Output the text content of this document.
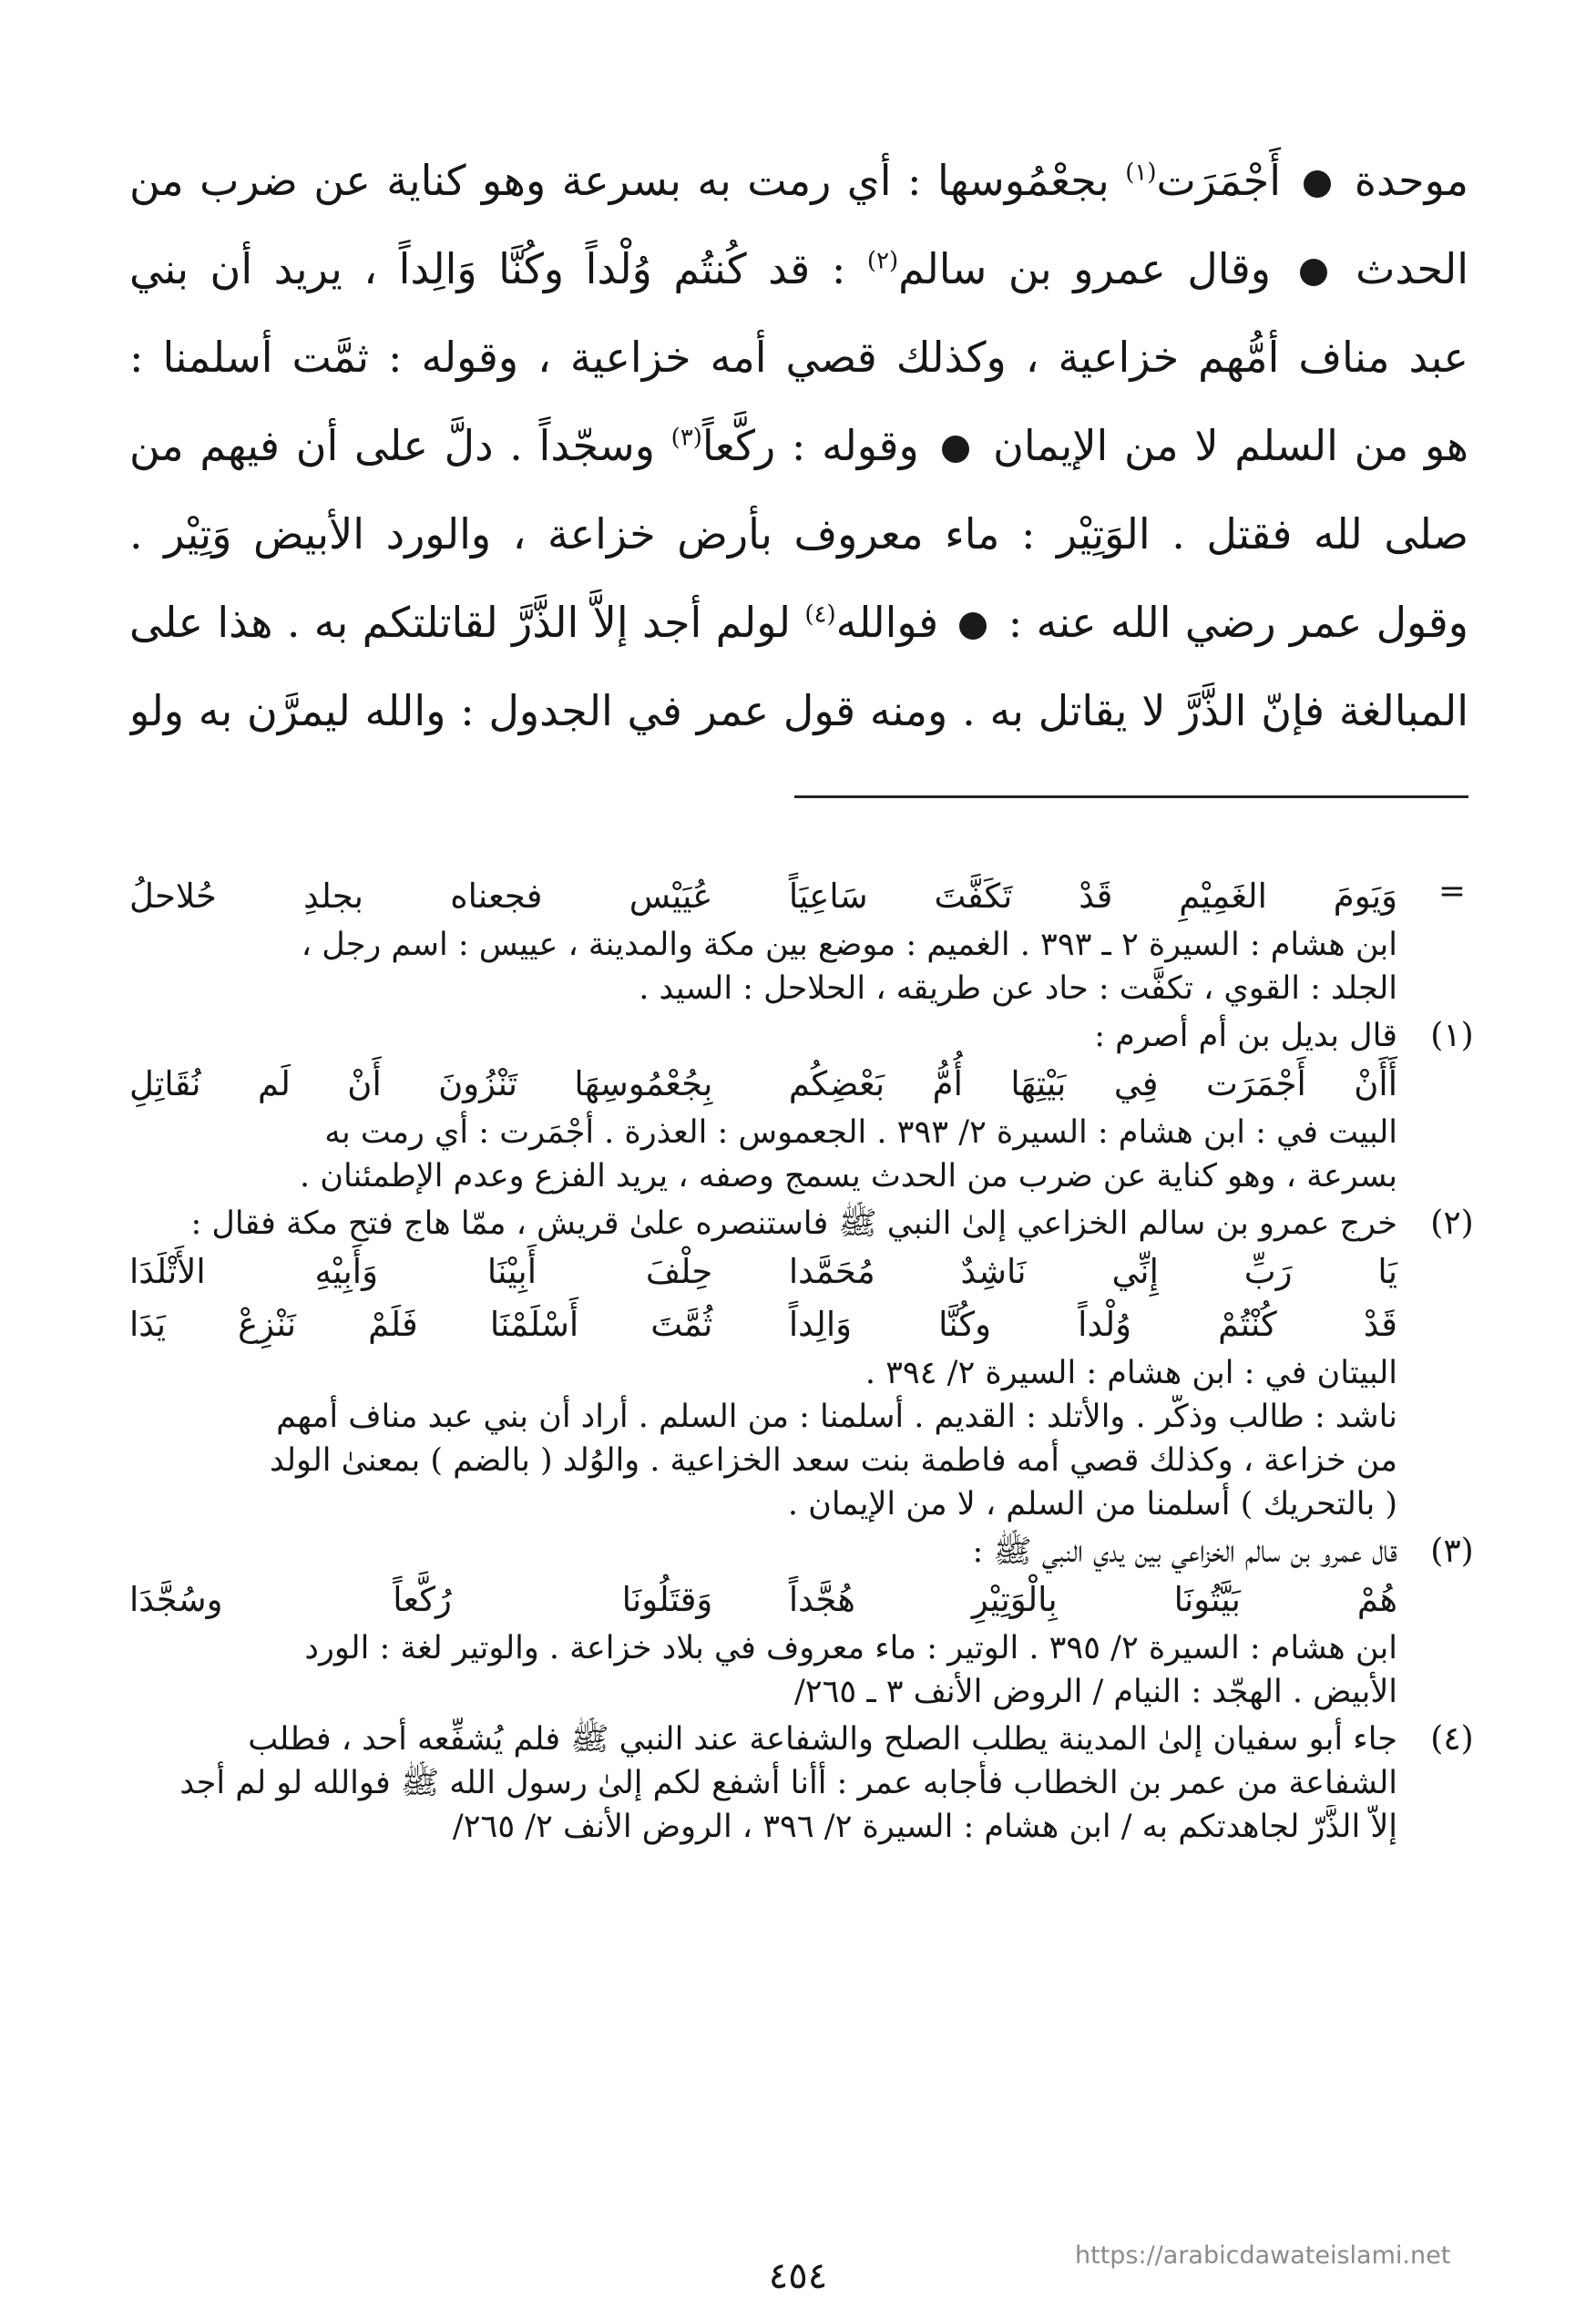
موحدة  أَجْمَرَت$^{(١)}$ بجعْمُوسها : أي رمت به بسرعة وهو كناية عن ضرب من
الحدث  وقال عمرو بن سالم$^{(٢)}$ : قد كُنتُم وُلْداً وكُنَّا وَالِداً ، يريد أن بني
عبد مناف أمُّهم خزاعية ، وكذلك قصي أمه خزاعية ، وقوله : ثمَّت أسلمنا :
هو من السلم لا من الإيمان  وقوله : ركَّعاً$^{(٣)}$ وسجّداً . دلَّ على أن فيهم من
صلى لله فقتل . الوَتِيْر : ماء معروف بأرض خزاعة ، والورد الأبيض وَتِيْر .
وقول عمر رضي الله عنه :  فوالله$^{(٤)}$ لولم أجد إلاَّ الذَّرَّ لقاتلتكم به . هذا على
المبالغة فإنّ الذَّرَّ لا يقاتل به . ومنه قول عمر في الجدول : والله ليمرَّن به ولو
=
وَيَومَ الغَمِيْمِ قَدْ تَكَفَّتَ سَاعِيَاً
عُيَيْس فجعناه بجلدِ حُلاحلُ
ابن هشام : السيرة ٢ ـ ٣٩٣ . الغميم : موضع بين مكة والمدينة ، عييس : اسم رجل ،
الجلد : القوي ، تكفَّت : حاد عن طريقه ، الحلاحل : السيد .
(١)
قال بديل بن أم أصرم :
أَأَنْ أَجْمَرَت فِي بَيْتِهَا أُمُّ بَعْضِكُم
بِجُعْمُوسِهَا تَنْزُونَ أَنْ لَم نُقَاتِلِ
البيت في : ابن هشام : السيرة ٢/ ٣٩٣ . الجعموس : العذرة . أَجْمَرت : أي رمت به
بسرعة ، وهو كناية عن ضرب من الحدث يسمج وصفه ، يريد الفزع وعدم الإطمئنان .
(٢)
خرج عمرو بن سالم الخزاعي إلىٰ النبي ﷺ فاستنصره علىٰ قريش ، ممّا هاج فتح مكة فقال :
يَا رَبِّ إِنِّي نَاشِدٌ مُحَمَّدا
حِلْفَ أَبِيْنَا وَأَبِيْهِ الأَتْلَدَا
قَدْ كُنْتُمْ وُلْداً وكُنَّا وَالِداً
ثُمَّتَ أَسْلَمْنَا فَلَمْ نَنْزِعْ يَدَا
البيتان في : ابن هشام : السيرة ٢/ ٣٩٤ .
ناشد : طالب وذكّر . والأتلد : القديم . أسلمنا : من السلم . أراد أن بني عبد مناف أمهم
من خزاعة ، وكذلك قصي أمه فاطمة بنت سعد الخزاعية . والوُلد ( بالضم ) بمعنىٰ الولد
( بالتحريك ) أسلمنا من السلم ، لا من الإيمان .
(٣)
قال عمرو بن سالم الخزاعي بين يدي النبي ﷺ :
هُمْ بَيَّتُونَا بِالْوَتِيْرِ هُجَّداً
وَقتَلُونَا رُكَّعاً وسُجَّدَا
ابن هشام : السيرة ٢/ ٣٩٥ . الوتير : ماء معروف في بلاد خزاعة . والوتير لغة : الورد
الأبيض . الهجّد : النيام / الروض الأنف ٣ ـ ٢٦٥/
(٤)
جاء أبو سفيان إلىٰ المدينة يطلب الصلح والشفاعة عند النبي ﷺ فلم يُشفِّعه أحد ، فطلب
الشفاعة من عمر بن الخطاب فأجابه عمر : أأنا أشفع لكم إلىٰ رسول الله ﷺ فوالله لو لم أجد
إلاّ الذَّرّ لجاهدتكم به / ابن هشام : السيرة ٢/ ٣٩٦ ، الروض الأنف ٢/ ٢٦٥/
https://arabicdawateislami.net
٤٥٤
